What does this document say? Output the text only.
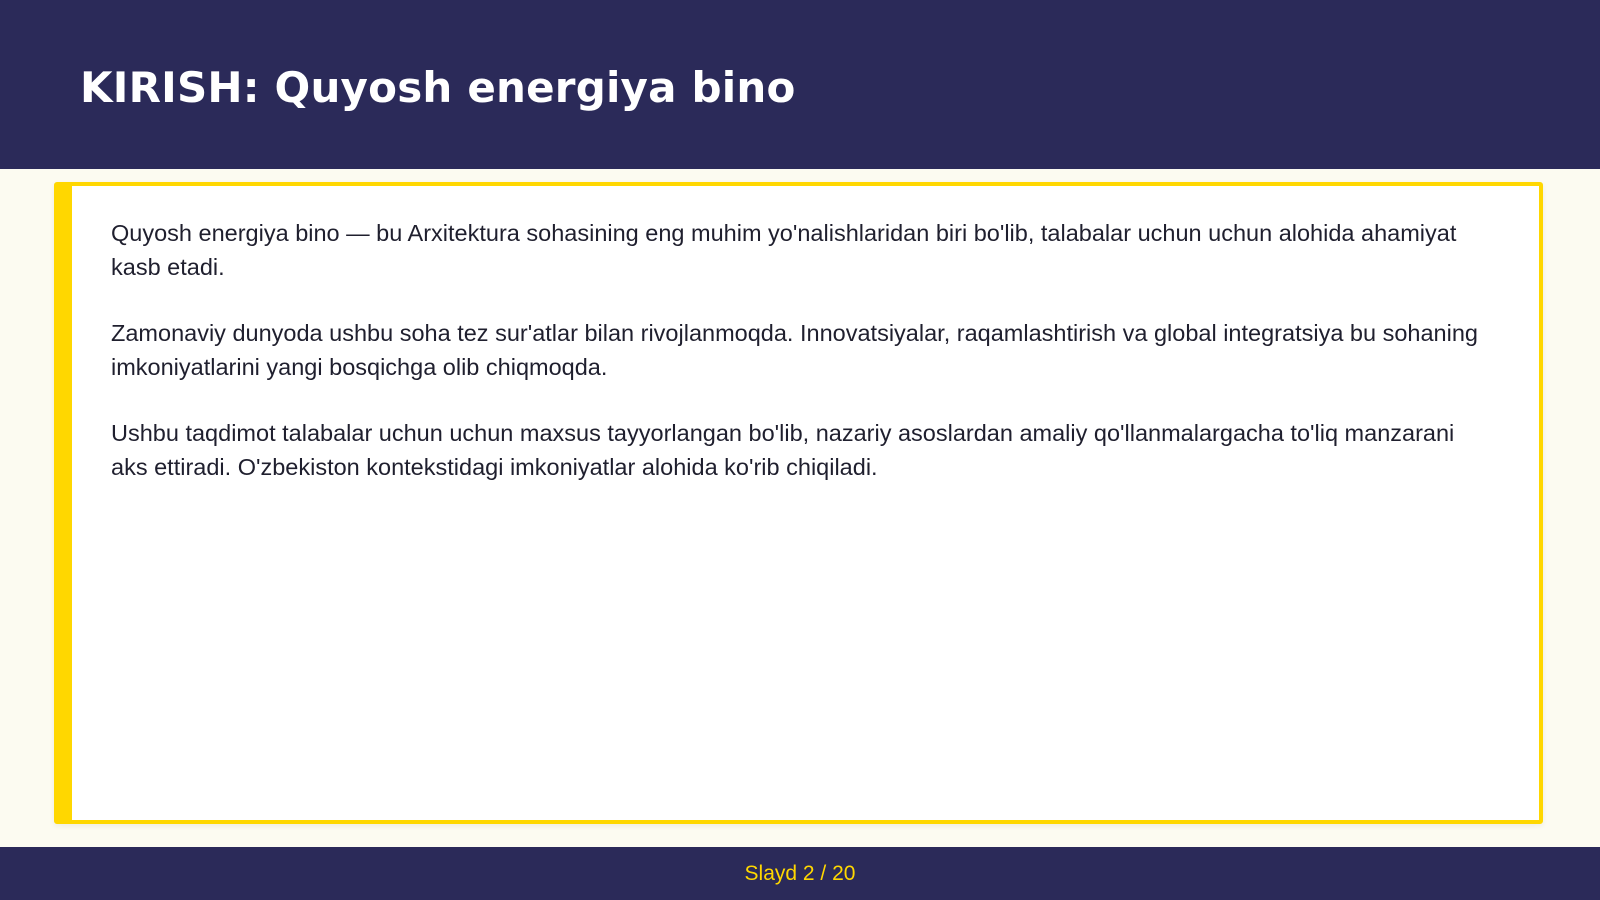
KIRISH: Quyosh energiya bino

Quyosh energiya bino — bu Arxitektura sohasining eng muhim yo'nalishlaridan biri bo'lib, talabalar uchun uchun alohida ahamiyat kasb etadi.

Zamonaviy dunyoda ushbu soha tez sur'atlar bilan rivojlanmoqda. Innovatsiyalar, raqamlashtirish va global integratsiya bu sohaning imkoniyatlarini yangi bosqichga olib chiqmoqda.

Ushbu taqdimot talabalar uchun uchun maxsus tayyorlangan bo'lib, nazariy asoslardan amaliy qo'llanmalargacha to'liq manzarani aks ettiradi. O'zbekiston kontekstidagi imkoniyatlar alohida ko'rib chiqiladi.

Slayd 2 / 20
